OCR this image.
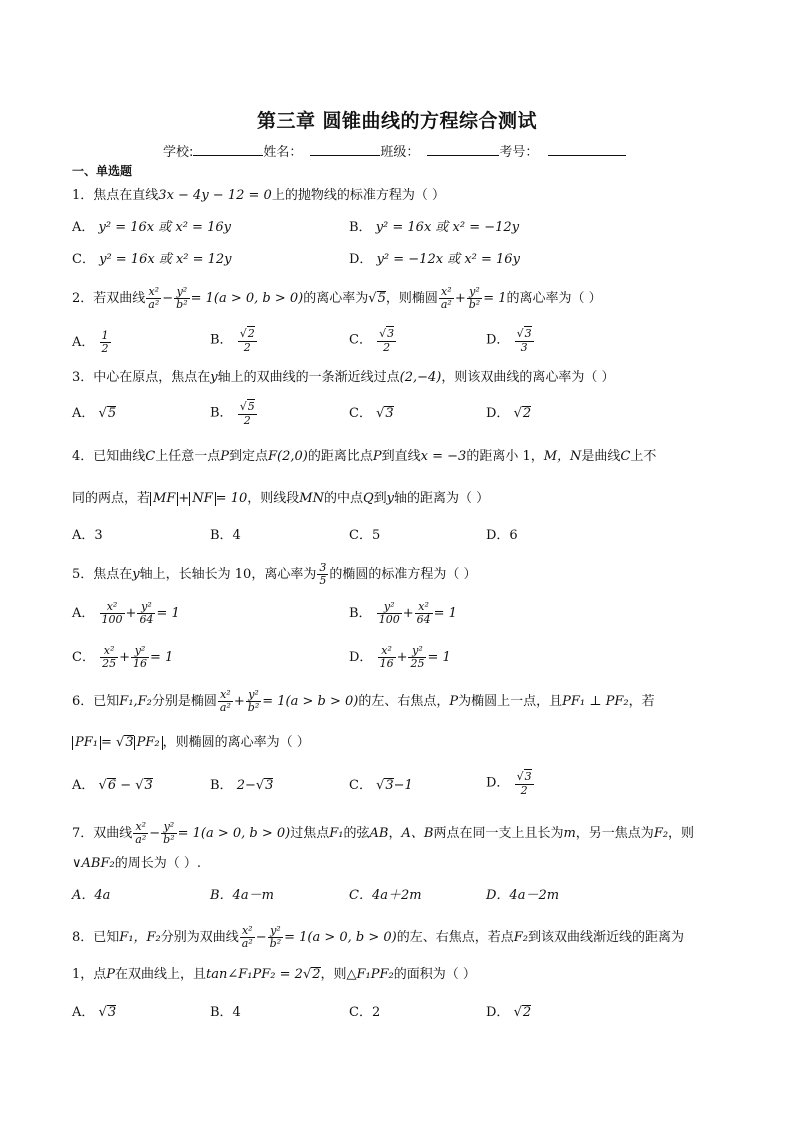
第三章 圆锥曲线的方程综合测试
学校:	姓名：	班级：	考号：
一、单选题
1．焦点在直线3x − 4y − 12 = 0上的抛物线的标准方程为（ ）
A． y² = 16x 或 x² = 16y	B． y² = 16x 或 x² = −12y
C． y² = 16x 或 x² = 12y	D． y² = −12x 或 x² = 16y
2．若双曲线 $\frac{\text{x²}}{\text{a²}} - \frac{\text{y²}}{\text{b²}} = 1(a > 0$, b > 0)的离心率为√5，则椭圆 $\frac{\text{x²}}{\text{a²}} + \frac{\text{y²}}{\text{b²}} = 1$的离心率为（ ）
A． $\frac{1}{2}$	B． $\frac{√2}{2}$	C． $\frac{√3}{2}$	D． $\frac{√3}{3}$
3．中心在原点，焦点在y轴上的双曲线的一条渐近线过点(2,−4)，则该双曲线的离心率为（ ）
A． √5	B． $\frac{√5}{2}$	C． √3	D． √2
4．已知曲线C上任意一点P到定点F(2,0)的距离比点P到直线x = −3的距离小 1，M，N是曲线C上不
同的两点，若 MF + NF = 10，则线段MN的中点Q到y轴的距离为（ ）
A．3	B．4	C．5	D．6
5．焦点在y轴上，长轴长为 10，离心率为 $\frac{3}{5}$ 的椭圆的标准方程为（ ）
A． $\frac{\text{x²}}{100} + \frac{\text{y²}}{64} = 1$	B． $\frac{\text{y²}}{100} + \frac{\text{x²}}{64} = 1$
C． $\frac{\text{x²}}{25} + \frac{\text{y²}}{16} = 1$	D． $\frac{\text{x²}}{16} + \frac{\text{y²}}{25} = 1$
6．已知F₁,F₂分别是椭圆 $\frac{\text{x²}}{\text{a²}} + \frac{\text{y²}}{\text{b²}} = 1(a > b > 0)$的左、右焦点，P为椭圆上一点，且PF₁ ⊥ PF₂，若
PF₁ = √3 PF₂ ，则椭圆的离心率为（ ）
A． √6 − √3	B． 2−√3	C． √3−1	D． $\frac{√3}{2}$
7．双曲线 $\frac{\text{x²}}{\text{a²}} - \frac{\text{y²}}{\text{b²}} = 1(a > 0$, b > 0)过焦点F₁的弦AB，A、B两点在同一支上且长为m，另一焦点为F₂，则
∨ABF₂的周长为（ ）.
A．4a	B．4a－m	C．4a＋2m	D．4a－2m
8．已知F₁，F₂分别为双曲线 $\frac{\text{x²}}{\text{a²}} - \frac{\text{y²}}{\text{b²}} = 1(a > 0$, b > 0)的左、右焦点，若点F₂到该双曲线渐近线的距离为
1，点P在双曲线上，且tan∠F₁PF₂ = 2√2，则△F₁PF₂的面积为（ ）
A． √3	B．4	C．2	D． √2
